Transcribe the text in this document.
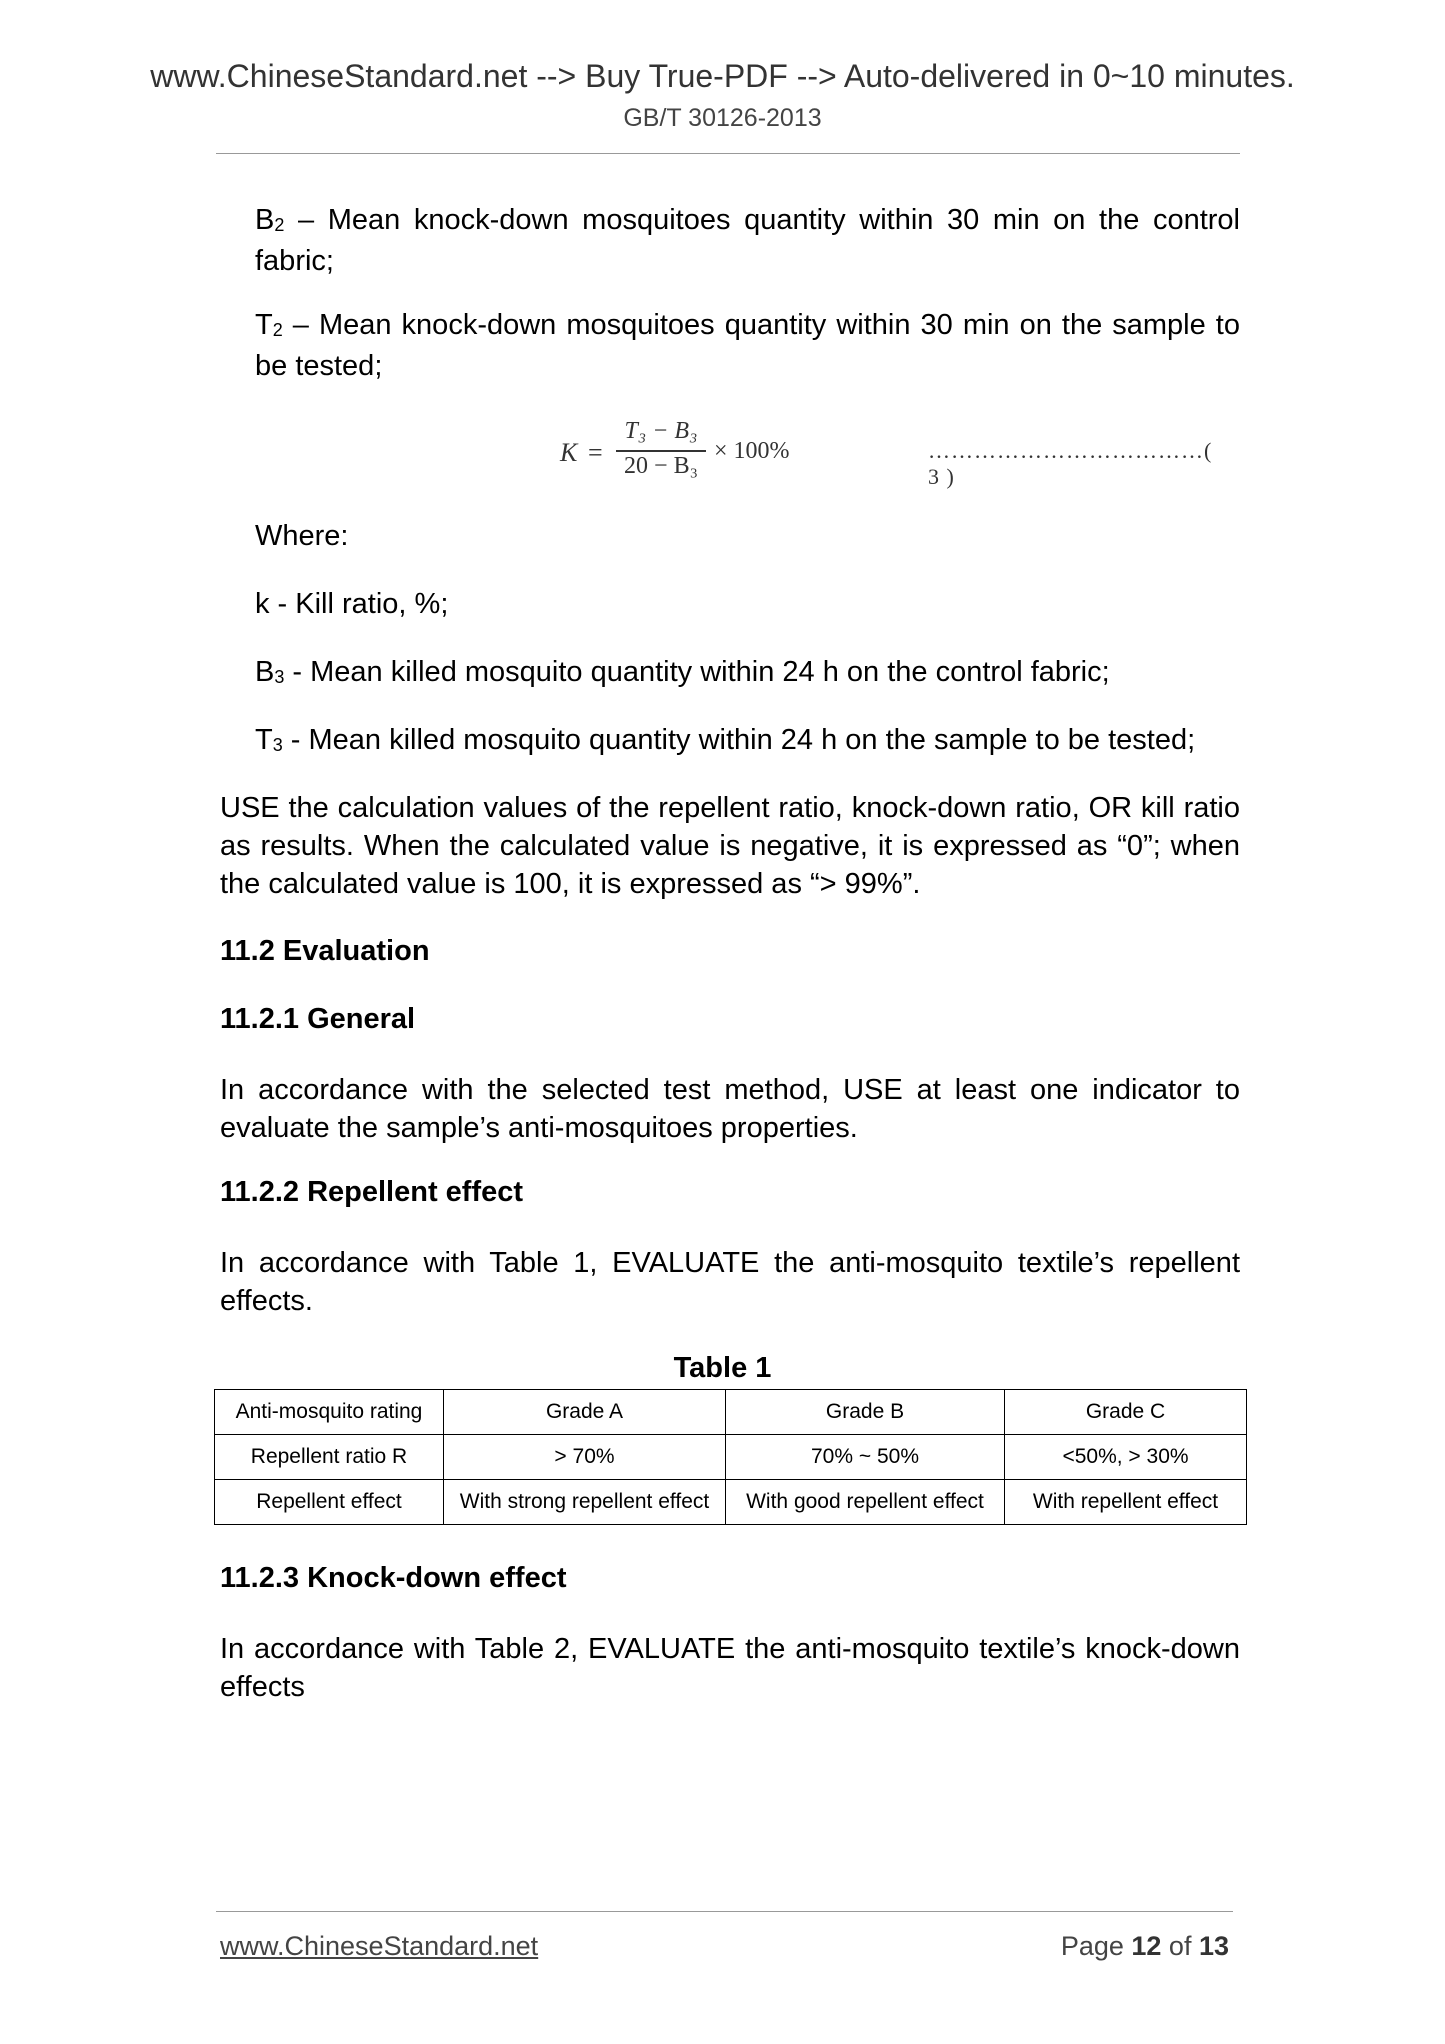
www.ChineseStandard.net --> Buy True-PDF --> Auto-delivered in 0~10 minutes.
GB/T 30126-2013
$B_2$ – Mean knock-down mosquitoes quantity within 30 min on the control fabric;
$T_2$ – Mean knock-down mosquitoes quantity within 30 min on the sample to be tested;
K =
T₃ − B₃
20 − B₃
× 100%	………………………………( 3 )
Where:
k - Kill ratio, %;
$B_3$ - Mean killed mosquito quantity within 24 h on the control fabric;
$T_3$ - Mean killed mosquito quantity within 24 h on the sample to be tested;
USE the calculation values of the repellent ratio, knock-down ratio, OR kill ratio as results. When the calculated value is negative, it is expressed as “0”; when the calculated value is 100, it is expressed as “> 99%”.
11.2 Evaluation
11.2.1 General
In accordance with the selected test method, USE at least one indicator to evaluate the sample’s anti-mosquitoes properties.
11.2.2 Repellent effect
In accordance with Table 1, EVALUATE the anti-mosquito textile’s repellent effects.
Table 1
Anti-mosquito rating	Grade A	Grade B	Grade C
Repellent ratio R	> 70%	70% ~ 50%	<50%, > 30%
Repellent effect	With strong repellent effect	With good repellent effect	With repellent effect
11.2.3 Knock-down effect
In accordance with Table 2, EVALUATE the anti-mosquito textile’s knock-down effects
www.ChineseStandard.net	Page 12 of 13
